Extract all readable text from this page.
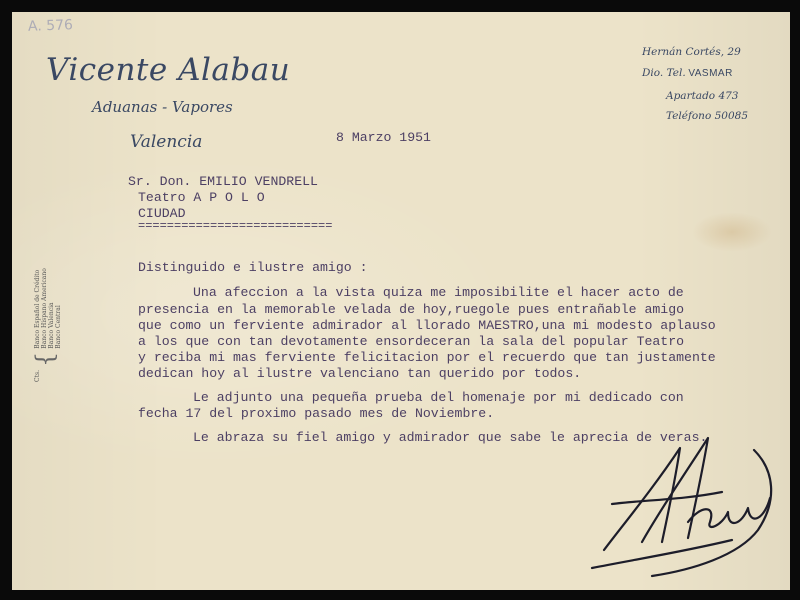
A. 576
Vicente Alabau
Aduanas - Vapores
Valencia
Hernán Cortés, 29
Dio. Tel. VASMAR
Apartado 473
Teléfono 50085
Cts.
{
Banco Español de Crédito Banco Hispano Americano Banco Valencia Banco Central
8 Marzo 1951
Sr. Don. EMILIO VENDRELL
Teatro A P O L O
CIUDAD
===========================
Distinguido e ilustre amigo :
Una afeccion a la vista quiza me imposibilite el hacer acto de
presencia en la memorable velada de hoy,ruegole pues entrañable amigo
que como un ferviente admirador al llorado MAESTRO,una mi modesto aplauso
a los que con tan devotamente ensordeceran la sala del popular Teatro
y reciba mi mas ferviente felicitacion por el recuerdo que tan justamente
dedican hoy al ilustre valenciano tan querido por todos.
Le adjunto una pequeña prueba del homenaje por mi dedicado con
fecha 17 del proximo pasado mes de Noviembre.
Le abraza su fiel amigo y admirador que sabe le aprecia de veras.
